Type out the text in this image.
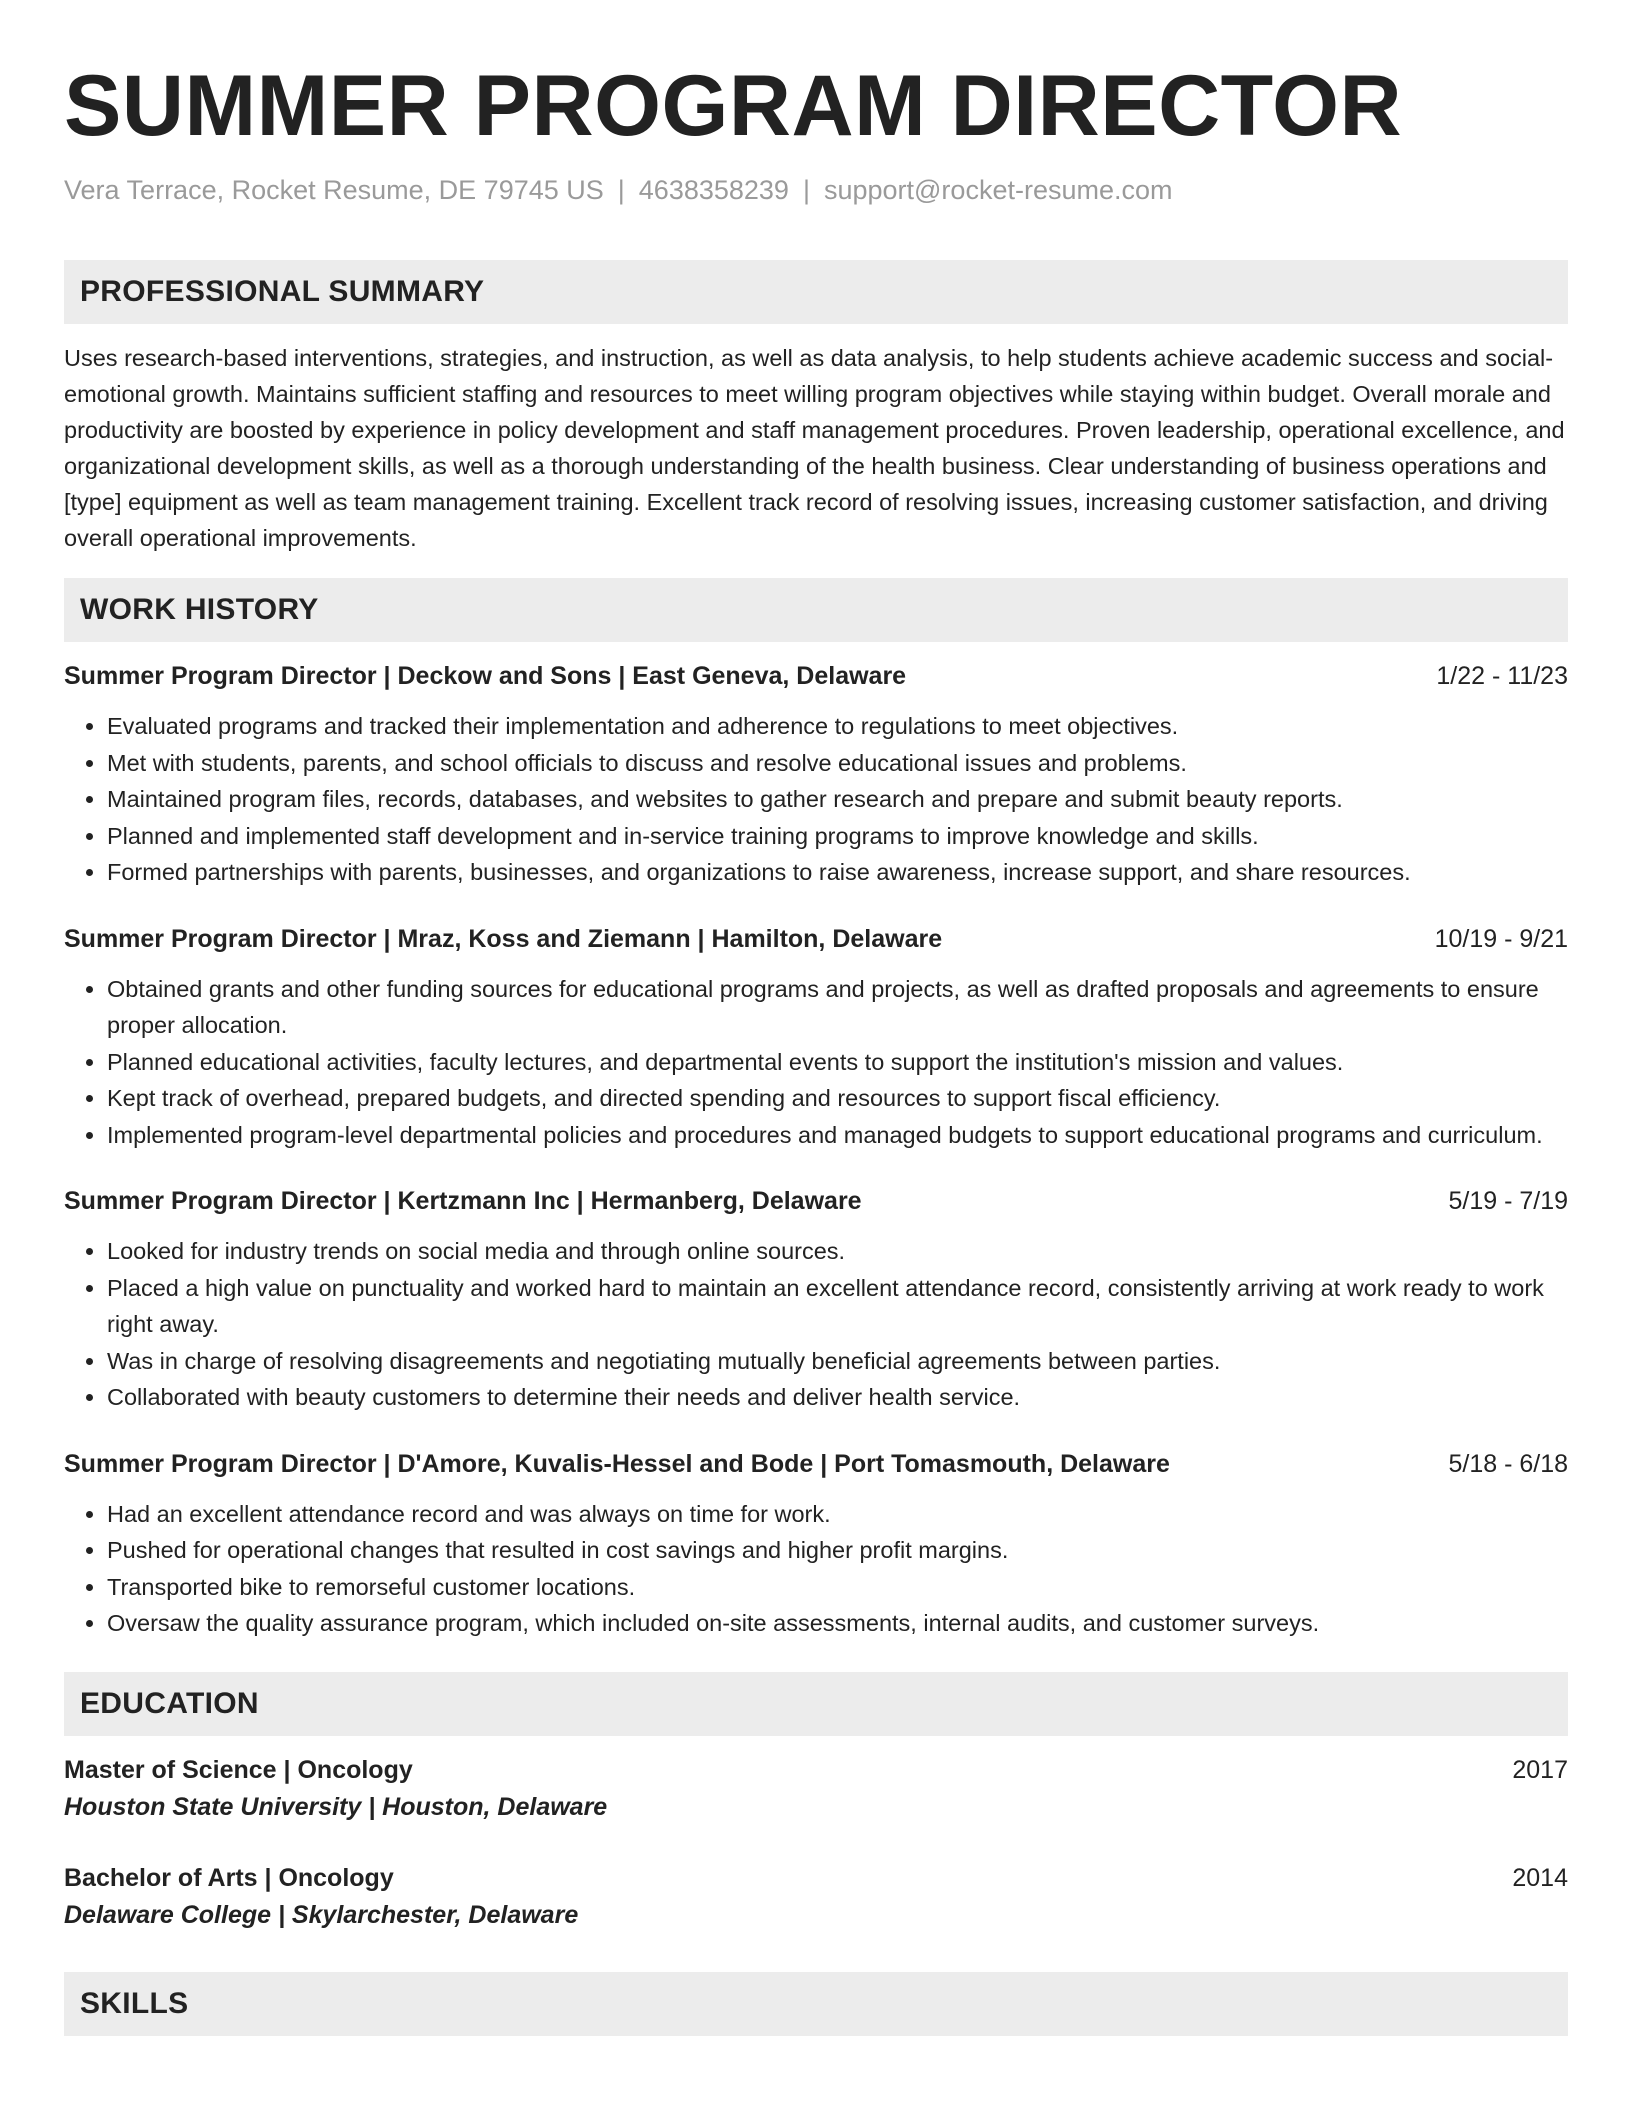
SUMMER PROGRAM DIRECTOR
Vera Terrace, Rocket Resume, DE 79745 US | 4638358239 | support@rocket-resume.com
PROFESSIONAL SUMMARY

Uses research-based interventions, strategies, and instruction, as well as data analysis, to help students achieve academic success and social-emotional growth. Maintains sufficient staffing and resources to meet willing program objectives while staying within budget. Overall morale and productivity are boosted by experience in policy development and staff management procedures. Proven leadership, operational excellence, and organizational development skills, as well as a thorough understanding of the health business. Clear understanding of business operations and [type] equipment as well as team management training. Excellent track record of resolving issues, increasing customer satisfaction, and driving overall operational improvements.

WORK HISTORY
Summer Program Director | Deckow and Sons | East Geneva, Delaware	1/22 - 11/23
• Evaluated programs and tracked their implementation and adherence to regulations to meet objectives.
• Met with students, parents, and school officials to discuss and resolve educational issues and problems.
• Maintained program files, records, databases, and websites to gather research and prepare and submit beauty reports.
• Planned and implemented staff development and in-service training programs to improve knowledge and skills.
• Formed partnerships with parents, businesses, and organizations to raise awareness, increase support, and share resources.
Summer Program Director | Mraz, Koss and Ziemann | Hamilton, Delaware	10/19 - 9/21
• Obtained grants and other funding sources for educational programs and projects, as well as drafted proposals and agreements to ensure proper allocation.
• Planned educational activities, faculty lectures, and departmental events to support the institution's mission and values.
• Kept track of overhead, prepared budgets, and directed spending and resources to support fiscal efficiency.
• Implemented program-level departmental policies and procedures and managed budgets to support educational programs and curriculum.
Summer Program Director | Kertzmann Inc | Hermanberg, Delaware	5/19 - 7/19
• Looked for industry trends on social media and through online sources.
• Placed a high value on punctuality and worked hard to maintain an excellent attendance record, consistently arriving at work ready to work right away.
• Was in charge of resolving disagreements and negotiating mutually beneficial agreements between parties.
• Collaborated with beauty customers to determine their needs and deliver health service.
Summer Program Director | D'Amore, Kuvalis-Hessel and Bode | Port Tomasmouth, Delaware	5/18 - 6/18
• Had an excellent attendance record and was always on time for work.
• Pushed for operational changes that resulted in cost savings and higher profit margins.
• Transported bike to remorseful customer locations.
• Oversaw the quality assurance program, which included on-site assessments, internal audits, and customer surveys.
EDUCATION
Master of Science | Oncology	2017
Houston State University | Houston, Delaware
Bachelor of Arts | Oncology	2014
Delaware College | Skylarchester, Delaware
SKILLS
